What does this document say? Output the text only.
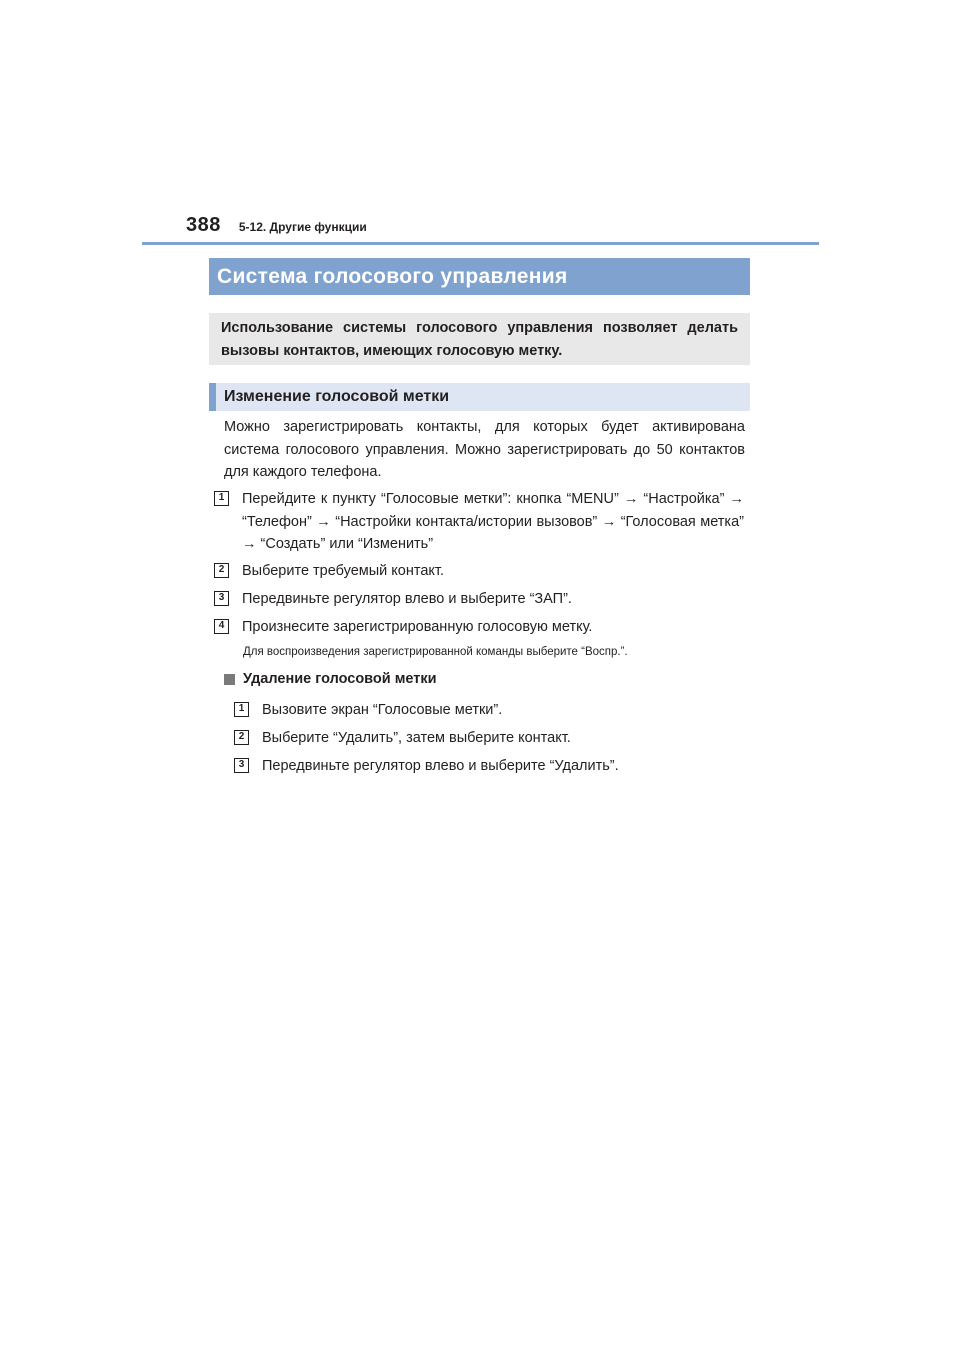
388 5-12. Другие функции
Система голосового управления
Использование системы голосового управления позволяет делать вызовы контактов, имеющих голосовую метку.
Изменение голосовой метки
Можно зарегистрировать контакты, для которых будет активирована система голосового управления. Можно зарегистрировать до 50 контактов для каждого телефона.
1	Перейдите к пункту “Голосовые метки”: кнопка “MENU” → “Настройка” → “Телефон” → “Настройки контакта/истории вызовов” → “Голосовая метка” → “Создать” или “Изменить”
2	Выберите требуемый контакт.
3	Передвиньте регулятор влево и выберите “ЗАП”.
4	Произнесите зарегистрированную голосовую метку.
Для воспроизведения зарегистрированной команды выберите “Воспр.”.
Удаление голосовой метки
1	Вызовите экран “Голосовые метки”.
2	Выберите “Удалить”, затем выберите контакт.
3	Передвиньте регулятор влево и выберите “Удалить”.
